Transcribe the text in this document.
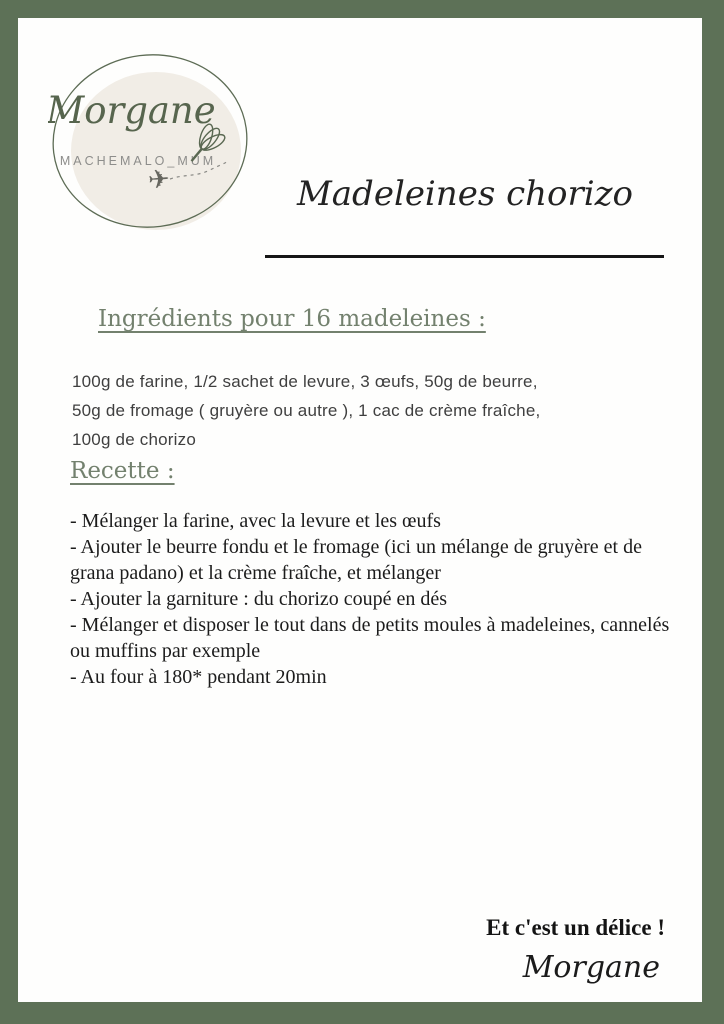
Morgane
MACHEMALO_MUM
✈	Madeleines chorizo
Ingrédients pour 16 madeleines :
100g de farine, 1/2 sachet de levure, 3 œufs, 50g de beurre,
50g de fromage ( gruyère ou autre ), 1 cac de crème fraîche,
100g de chorizo
Recette :
- Mélanger la farine, avec la levure et les œufs
- Ajouter le beurre fondu et le fromage (ici un mélange de gruyère et de grana padano) et la crème fraîche, et mélanger
- Ajouter la garniture : du chorizo coupé en dés
- Mélanger et disposer le tout dans de petits moules à madeleines, cannelés ou muffins par exemple
- Au four à 180* pendant 20min
Et c'est un délice !
Morgane
